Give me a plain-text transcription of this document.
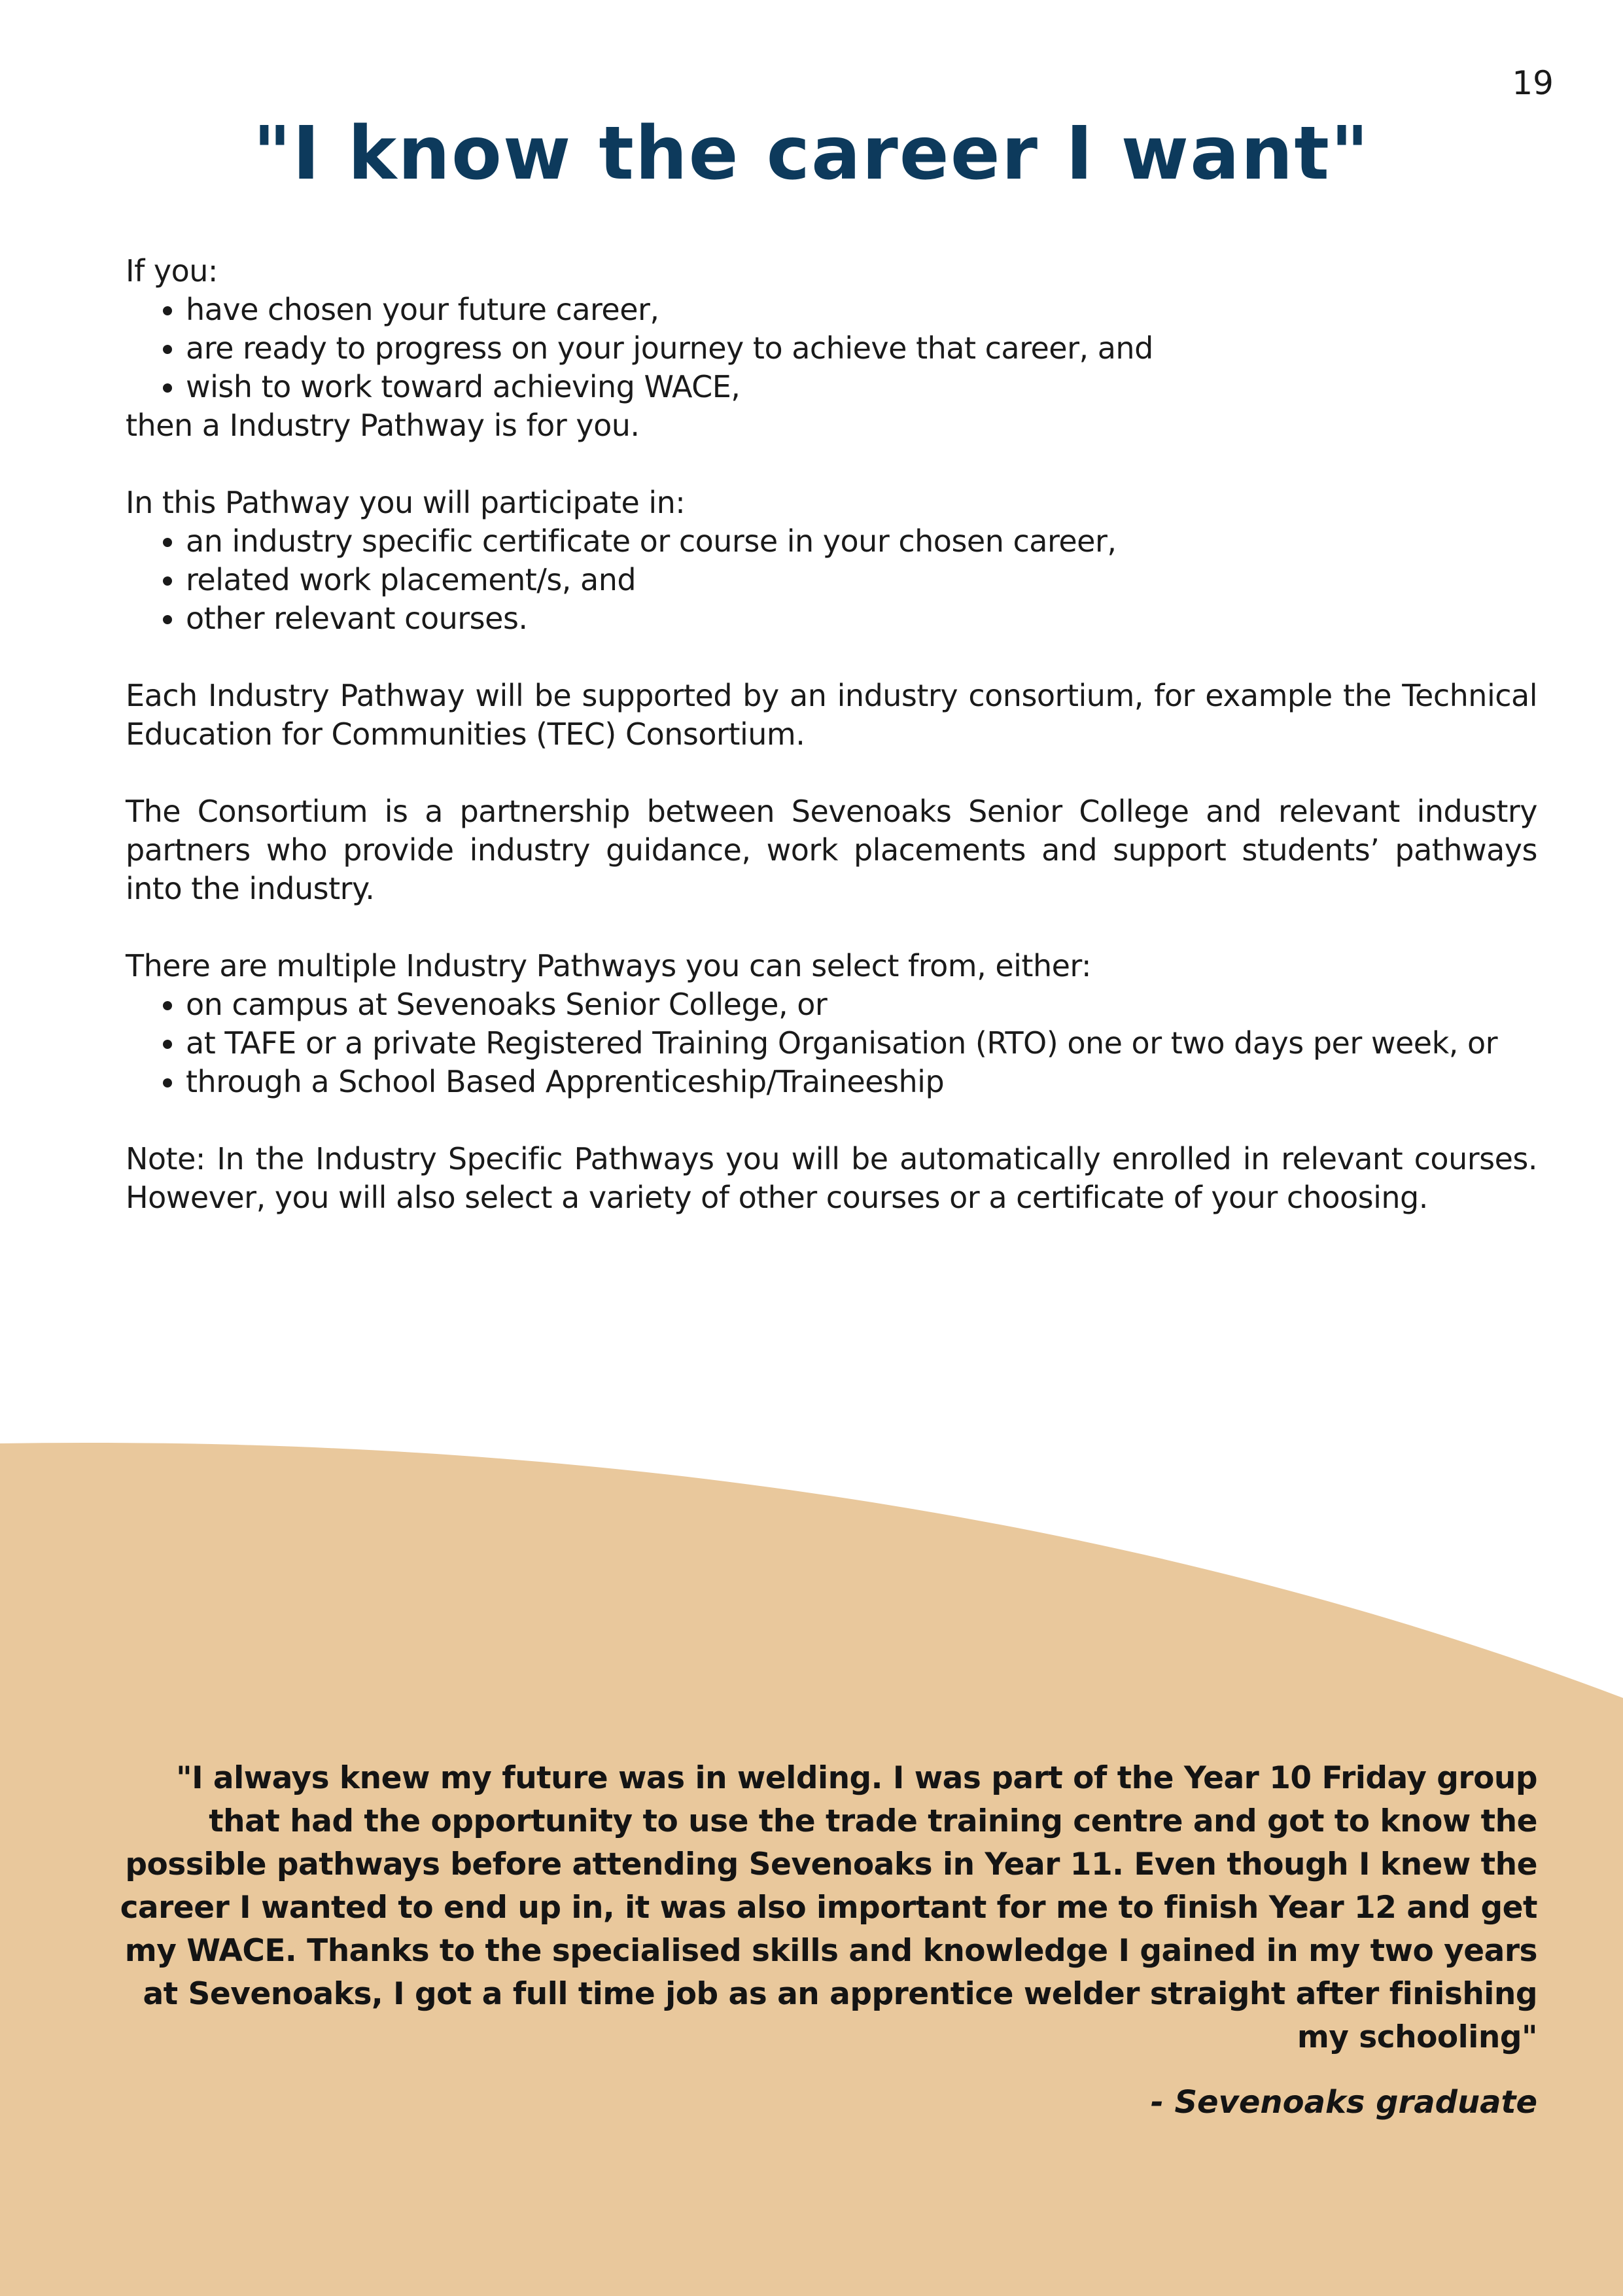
19
"I know the career I want"

If you:

• have chosen your future career,
• are ready to progress on your journey to achieve that career, and
• wish to work toward achieving WACE,

then a Industry Pathway is for you.

In this Pathway you will participate in:

• an industry specific certificate or course in your chosen career,
• related work placement/s, and
• other relevant courses.

Each Industry Pathway will be supported by an industry consortium, for example the Technical Education for Communities (TEC) Consortium.

The Consortium is a partnership between Sevenoaks Senior College and relevant industry partners who provide industry guidance, work placements and support students’ pathways into the industry.

There are multiple Industry Pathways you can select from, either:

• on campus at Sevenoaks Senior College, or
• at TAFE or a private Registered Training Organisation (RTO) one or two days per week, or
• through a School Based Apprenticeship/Traineeship

Note: In the Industry Specific Pathways you will be automatically enrolled in relevant courses. However, you will also select a variety of other courses or a certificate of your choosing.

"I always knew my future was in welding. I was part of the Year 10 Friday group that had the opportunity to use the trade training centre and got to know the possible pathways before attending Sevenoaks in Year 11. Even though I knew the career I wanted to end up in, it was also important for me to finish Year 12 and get my WACE. Thanks to the specialised skills and knowledge I gained in my two years at Sevenoaks, I got a full time job as an apprentice welder straight after finishing my schooling"

- Sevenoaks graduate
